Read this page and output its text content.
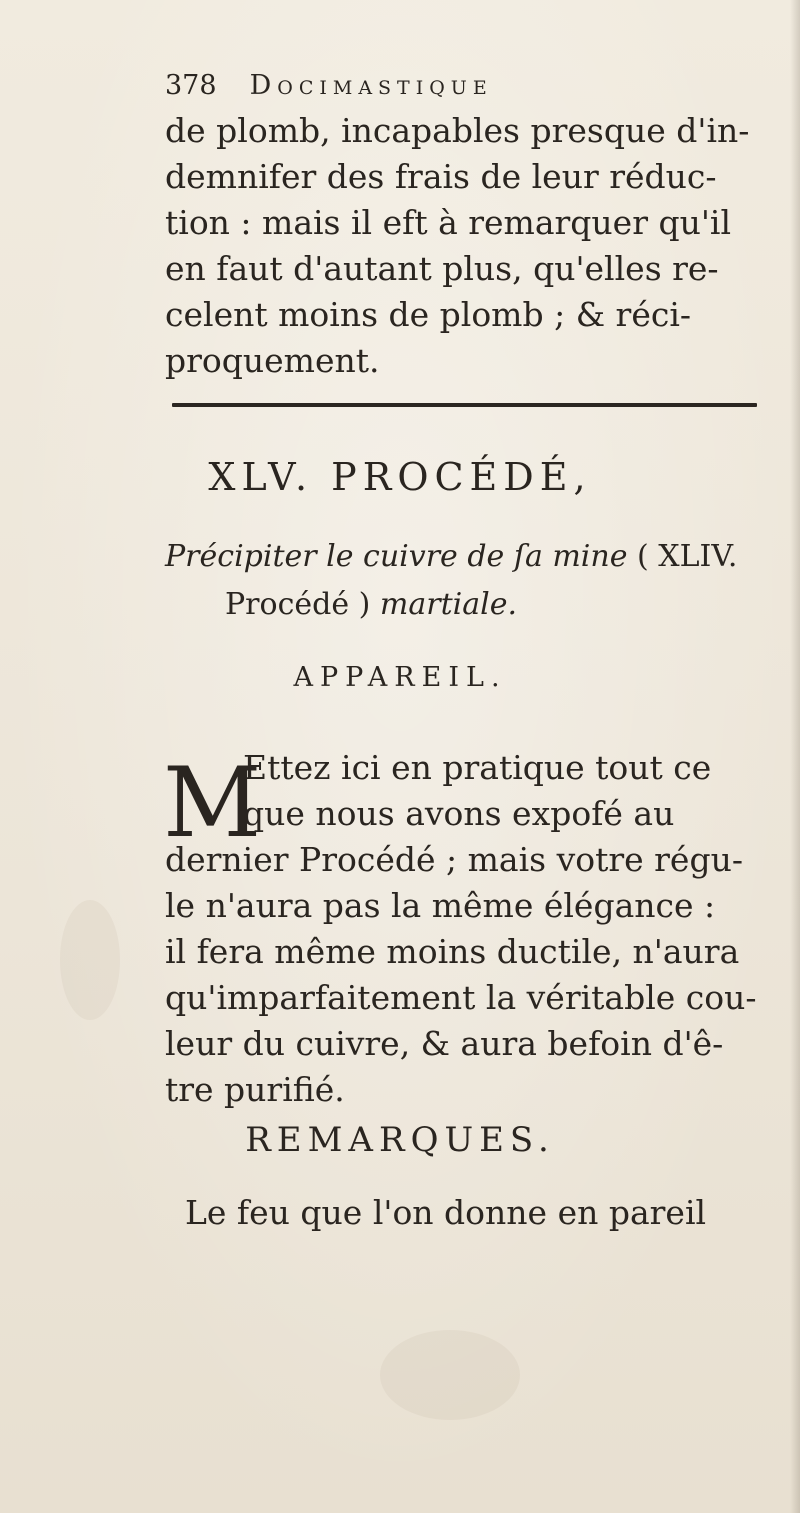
378 Docimastique
de plomb, incapables presque d'in-
demnifer des frais de leur réduc-
tion : mais il eft à remarquer qu'il
en faut d'autant plus, qu'elles re-
celent moins de plomb ; & réci-
proquement.
XLV. PROCÉDÉ,
Précipiter le cuivre de ſa mine ( XLIV.
Procédé ) martiale.
APPAREIL.
M
Ettez ici en pratique tout ce
que nous avons expofé au
dernier Procédé ; mais votre régu-
le n'aura pas la même élégance :
il fera même moins ductile, n'aura
qu'imparfaitement la véritable cou-
leur du cuivre, & aura befoin d'ê-
tre purifié.
REMARQUES.
Le feu que l'on donne en pareil
